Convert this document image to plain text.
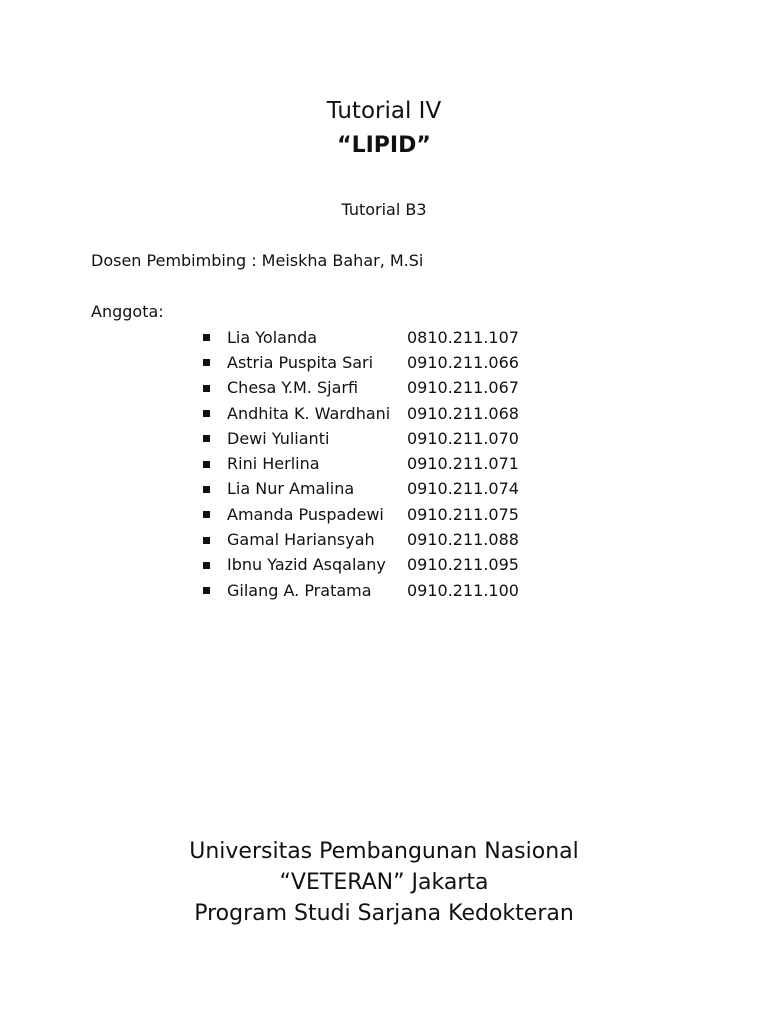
Tutorial IV
“LIPID”
Tutorial B3
Dosen Pembimbing : Meiskha Bahar, M.Si
Anggota:
Lia Yolanda	0810.211.107
Astria Puspita Sari	0910.211.066
Chesa Y.M. Sjarfi	0910.211.067
Andhita K. Wardhani	0910.211.068
Dewi Yulianti	0910.211.070
Rini Herlina	0910.211.071
Lia Nur Amalina	0910.211.074
Amanda Puspadewi	0910.211.075
Gamal Hariansyah	0910.211.088
Ibnu Yazid Asqalany	0910.211.095
Gilang A. Pratama	0910.211.100
Universitas Pembangunan Nasional
“VETERAN” Jakarta
Program Studi Sarjana Kedokteran
